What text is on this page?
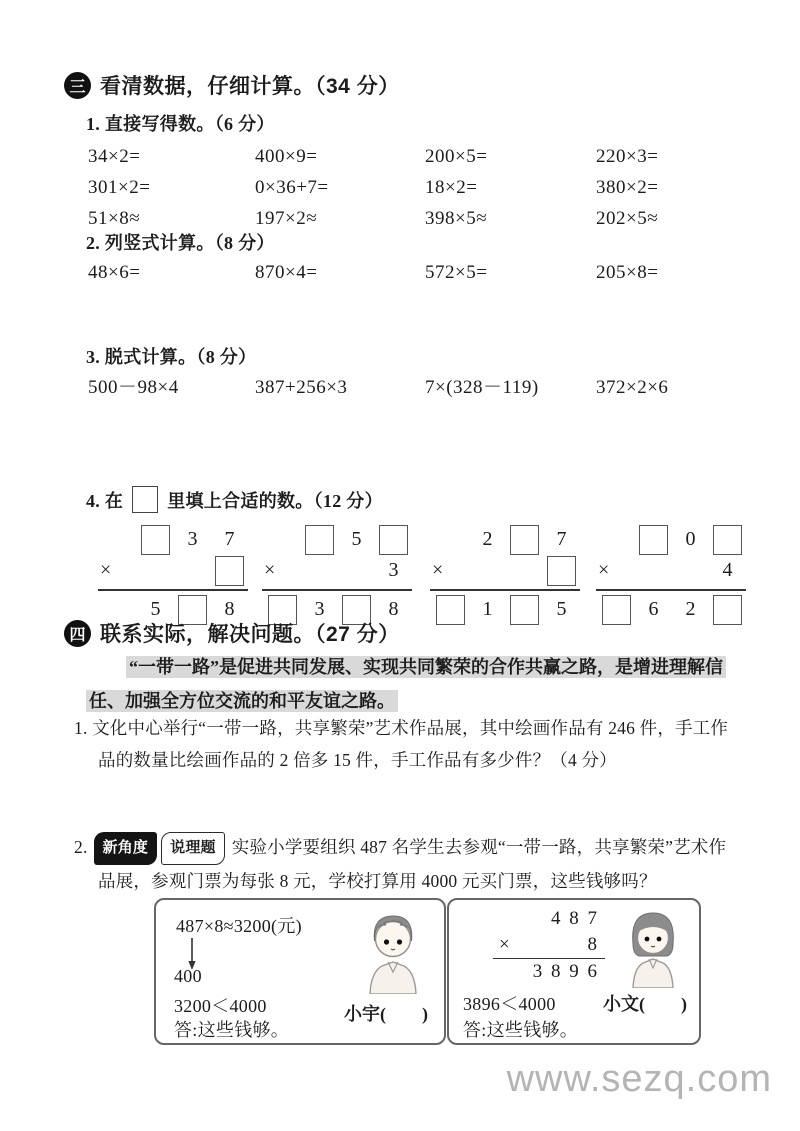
三 看清数据，仔细计算。（34 分）
1. 直接写得数。（6 分）
34×2=	400×9=	200×5=	220×3=
301×2=	0×36+7=	18×2=	380×2=
51×8≈	197×2≈	398×5≈	202×5≈
2. 列竖式计算。（8 分）
48×6=	870×4=	572×5=	205×8=
3. 脱式计算。（8 分）
500－98×4	387+256×3	7×(328－119)	372×2×6
4. 在 里填上合适的数。（12 分）
3	7
×
5	8
5
×	3
3	8
2	7
×
1	5
0
×	4
6	2
四 联系实际，解决问题。（27 分）
“一带一路”是促进共同发展、实现共同繁荣的合作共赢之路，是增进理解信
任、加强全方位交流的和平友谊之路。
1. 文化中心举行“一带一路，共享繁荣”艺术作品展，其中绘画作品有 246 件，手工作
品的数量比绘画作品的 2 倍多 15 件，手工作品有多少件？（4 分）
2. 新角度 说理题 实验小学要组织 487 名学生去参观“一带一路，共享繁荣”艺术作
品展，参观门票为每张 8 元，学校打算用 4000 元买门票，这些钱够吗？
487×8≈3200(元)
400
3200＜4000
答:这些钱够。
小宇(　　)
4 8 7
×	8
3 8 9 6
3896＜4000
答:这些钱够。
小文(　　)
www.sezq.com
